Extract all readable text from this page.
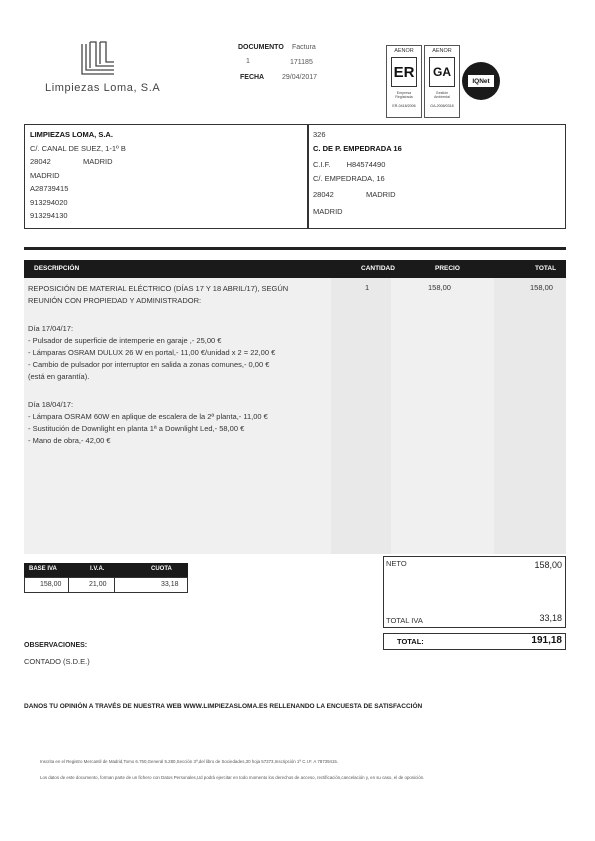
Limpiezas Loma, S.A
DOCUMENTO Factura
1	171185
FECHA	29/04/2017
AENOR
ER
Empresa
Registrada
ER-0418/2006
AENOR
GA
Gestión
Ambiental
GA-2008/0318
IQNet
LIMPIEZAS LOMA, S.A.
C/. CANAL DE SUEZ, 1-1º B
28042	MADRID
MADRID
A28739415
913294020
913294130
326
C. DE P. EMPEDRADA 16
C.I.F. H84574490
C/. EMPEDRADA, 16
28042	MADRID
MADRID
DESCRIPCIÓN	CANTIDAD	PRECIO	TOTAL
REPOSICIÓN DE MATERIAL ELÉCTRICO (DÍAS 17 Y 18 ABRIL/17), SEGÚN
REUNIÓN CON PROPIEDAD Y ADMINISTRADOR:
Día 17/04/17:
- Pulsador de superficie de intemperie en garaje ,- 25,00 €
- Lámparas OSRAM DULUX 26 W en portal,- 11,00 €/unidad x 2 = 22,00 €
- Cambio de pulsador por interruptor en salida a zonas comunes,- 0,00 €
(está en garantía).
Día 18/04/17:
- Lámpara OSRAM 60W en aplique de escalera de la 2ª planta,- 11,00 €
- Sustitución de Downlight en planta 1ª a Downlight Led,- 58,00 €
- Mano de obra,- 42,00 €
1	158,00	158,00
BASE IVA	I.V.A.	CUOTA
158,00	21,00	33,18
NETO	158,00
TOTAL IVA	33,18
TOTAL:	191,18
OBSERVACIONES:
CONTADO (S.D.E.)
DANOS TU OPINIÓN A TRAVÉS DE NUESTRA WEB WWW.LIMPIEZASLOMA.ES RELLENANDO LA ENCUESTA DE SATISFACCIÓN
Inscrita en el Registro Mercantil de Madrid,Tomo 6.750,General 5.280,Sección 3ª,del libro de Sociedades,30 hoja 57373,Inscripción 1ª C.I.F. A 78739415.
Los datos de este documento, forman parte de un fichero con Datos Personales,Ud podrá ejercitar en todo momento los derechos de acceso, rectificación,cancelación y, en su caso, el de oposición.
